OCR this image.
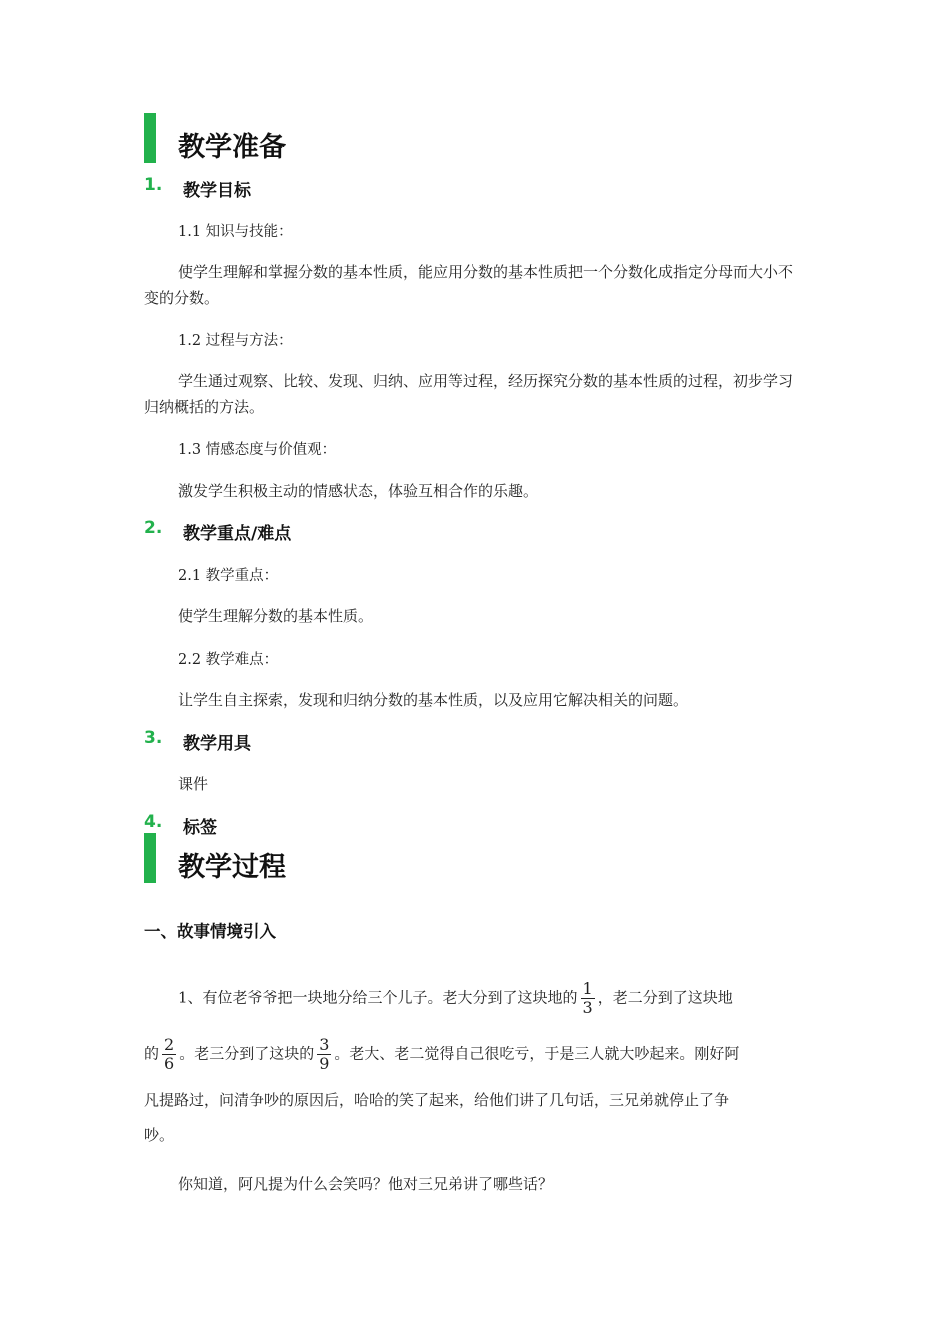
教学准备
1. 教学目标
1.1 知识与技能：
使学生理解和掌握分数的基本性质，能应用分数的基本性质把一个分数化成指定分母而大小不变的分数。
1.2 过程与方法：
学生通过观察、比较、发现、归纳、应用等过程，经历探究分数的基本性质的过程，初步学习归纳概括的方法。
1.3 情感态度与价值观：
激发学生积极主动的情感状态，体验互相合作的乐趣。
2. 教学重点/难点
2.1 教学重点：
使学生理解分数的基本性质。
2.2 教学难点：
让学生自主探索，发现和归纳分数的基本性质，以及应用它解决相关的问题。
3. 教学用具
课件
4. 标签
教学过程
一、故事情境引入
1、有位老爷爷把一块地分给三个儿子。老大分到了这块地的 $\frac{1}{3}$ ，老二分到了这块地
的 $\frac{2}{6}$ 。老三分到了这块的 $\frac{3}{9}$ 。老大、老二觉得自己很吃亏，于是三人就大吵起来。刚好阿
凡提路过，问清争吵的原因后，哈哈的笑了起来，给他们讲了几句话，三兄弟就停止了争
吵。
你知道，阿凡提为什么会笑吗？他对三兄弟讲了哪些话？
